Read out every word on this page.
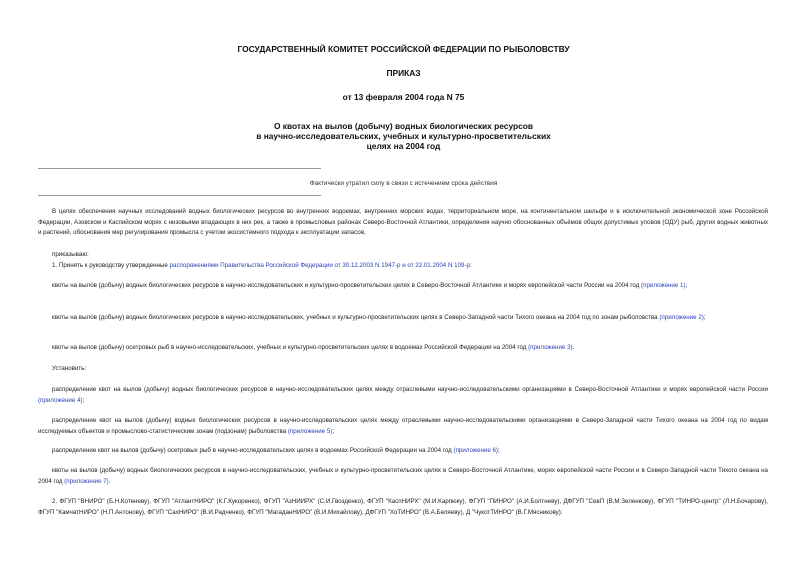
ГОСУДАРСТВЕННЫЙ КОМИТЕТ РОССИЙСКОЙ ФЕДЕРАЦИИ ПО РЫБОЛОВСТВУ
ПРИКАЗ
от 13 февраля 2004 года N 75
О квотах на вылов (добычу) водных биологических ресурсов
в научно-исследовательских, учебных и культурно-просветительских
целях на 2004 год
Фактически утратил силу в связи с истечением срока действия
В целях обеспечения научных исследований водных биологических ресурсов во внутренних водоемах, внутренних морских водах, территориальном море, на континентальном шельфе и в исключительной экономической зоне Российской Федерации, Азовском и Каспийском морях с низовьями впадающих в них рек, а также в промысловых районах Северо-Восточной Атлантики, определения научно обоснованных объёмов общих допустимых уловов (ОДУ) рыб, других водных животных и растений, обоснования мер регулирования промысла с учетом экосистемного подхода к эксплуатации запасов,
приказываю:
1. Принять к руководству утвержденные распоряжениями Правительства Российской Федерации от 30.12.2003 N 1947-р и от 22.01.2004 N 109-р:
квоты на вылов (добычу) водных биологических ресурсов в научно-исследовательских и культурно-просветительских целях в Северо-Восточной Атлантике и морях европейской части России на 2004 год (приложение 1);
квоты на вылов (добычу) водных биологических ресурсов в научно-исследовательских, учебных и культурно-просветительских целях в Северо-Западной части Тихого океана на 2004 год по зонам рыболовства (приложение 2);
квоты на вылов (добычу) осетровых рыб в научно-исследовательских, учебных и культурно-просветительских целях в водоемах Российской Федерации на 2004 год (приложение 3).
Установить:
распределение квот на вылов (добычу) водных биологических ресурсов в научно-исследовательских целях между отраслевыми научно-исследовательскими организациями в Северо-Восточной Атлантике и морях европейской части России (приложение 4);
распределение квот на вылов (добычу) водных биологических ресурсов в научно-исследовательских целях между отраслевыми научно-исследовательскими организациями в Северо-Западной части Тихого океана на 2004 год по видам исследуемых объектов и промыслово-статистическим зонам (подзонам) рыболовства (приложение 5);
распределение квот на вылов (добычу) осетровых рыб в научно-исследовательских целях в водоемах Российской Федерации на 2004 год (приложение 6);
квоты на вылов (добычу) водных биологических ресурсов в научно-исследовательских, учебных и культурно-просветительских целях в Северо-Восточной Атлантике, морях европейской части России и в Северо-Западной части Тихого океана на 2004 год (приложение 7).
2. ФГУП "ВНИРО" (Б.Н.Котеневу), ФГУП "АтлантНИРО" (К.Г.Кукоренко), ФГУП "АзНИИРХ" (С.И.Гвозденко), ФГУП "КаспНИРХ" (М.И.Карпюку), ФГУП "ПИНРО" (А.И.Болтневу), ДФГУП "СевП (В.М.Зеленкову), ФГУП "ТИНРО-центр" (Л.Н.Бочарову), ФГУП "КамчатНИРО" (Н.П.Антонову), ФГУП "СахНИРО" (В.И.Радченко), ФГУП "МагаданНИРО" (В.И.Михайлову), ДФГУП "ХоТИНРО" (В.А.Беляеву), Д "ЧукотТИНРО" (В.Г.Мясникову):
